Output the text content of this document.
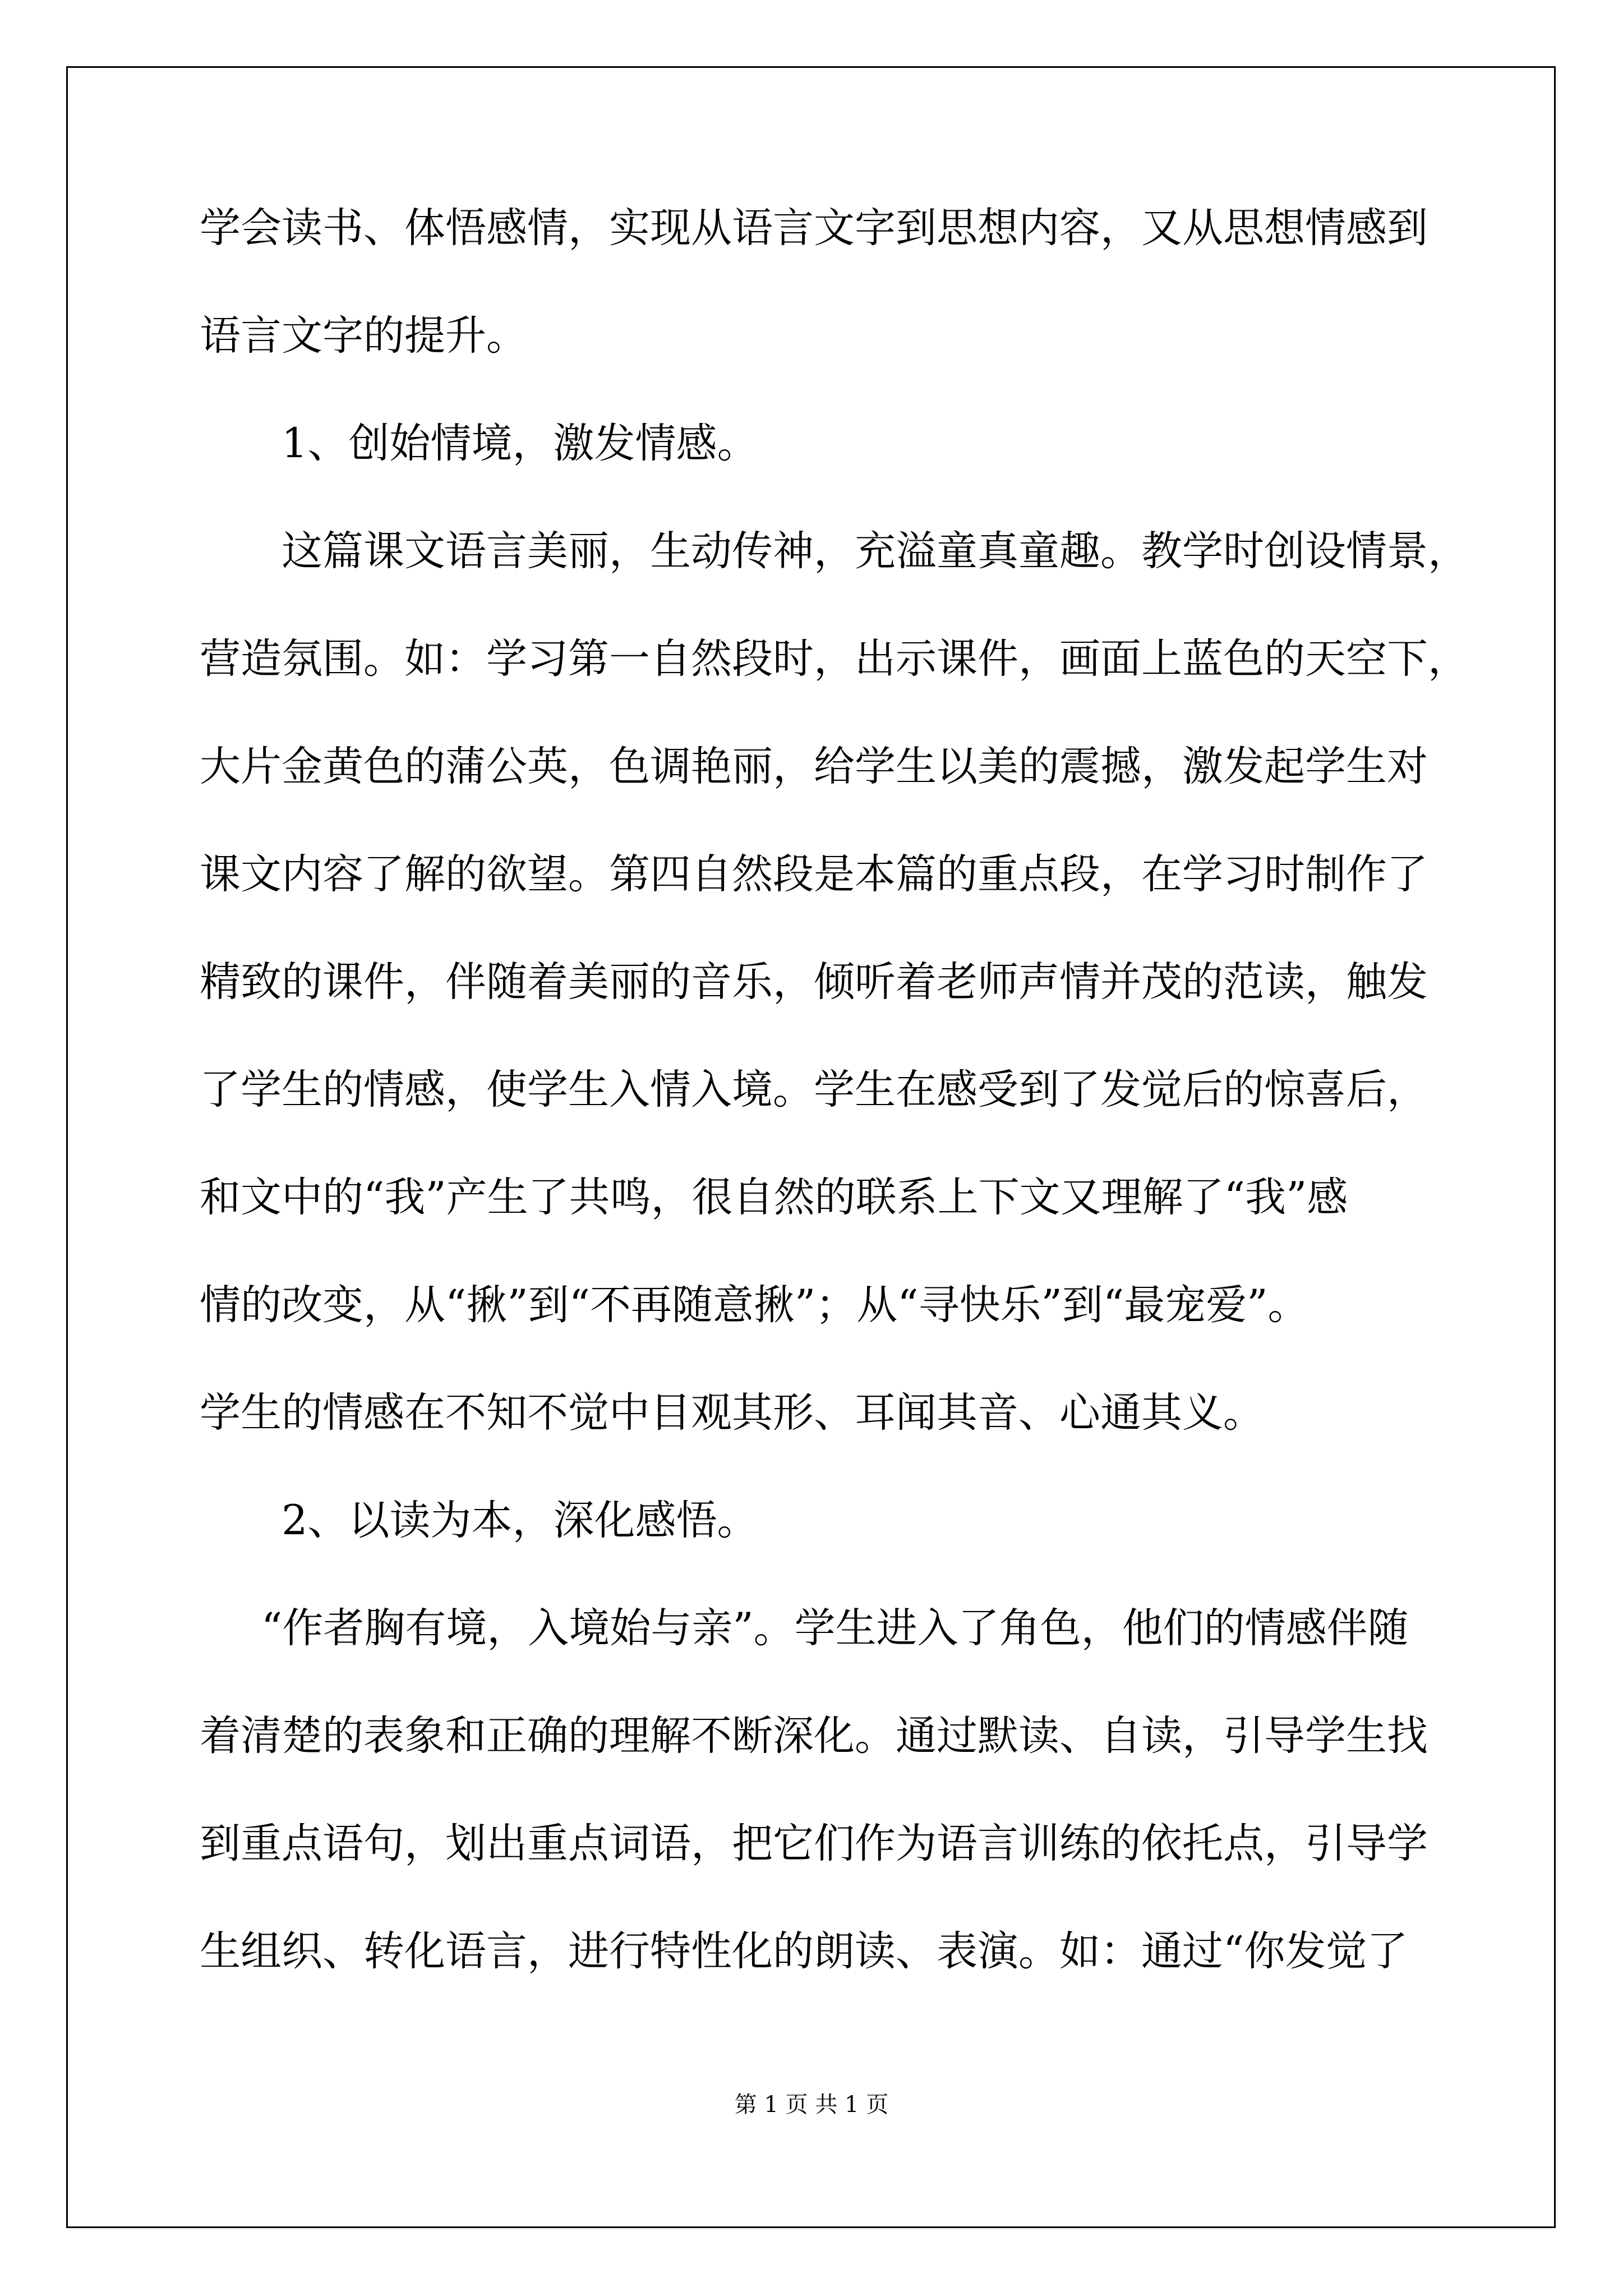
学会读书、体悟感情，实现从语言文字到思想内容，又从思想情感到
语言文字的提升。
1、创始情境，激发情感。
这篇课文语言美丽，生动传神，充溢童真童趣。教学时创设情景，
营造氛围。如：学习第一自然段时，出示课件，画面上蓝色的天空下，
大片金黄色的蒲公英，色调艳丽，给学生以美的震撼，激发起学生对
课文内容了解的欲望。第四自然段是本篇的重点段，在学习时制作了
精致的课件，伴随着美丽的音乐，倾听着老师声情并茂的范读，触发
了学生的情感，使学生入情入境。学生在感受到了发觉后的惊喜后，
和文中的“我”产生了共鸣，很自然的联系上下文又理解了“我”感
情的改变，从“揪”到“不再随意揪”；从“寻快乐”到“最宠爱”。
学生的情感在不知不觉中目观其形、耳闻其音、心通其义。
2、以读为本，深化感悟。
“作者胸有境，入境始与亲”。学生进入了角色，他们的情感伴随
着清楚的表象和正确的理解不断深化。通过默读、自读，引导学生找
到重点语句，划出重点词语，把它们作为语言训练的依托点，引导学
生组织、转化语言，进行特性化的朗读、表演。如：通过“你发觉了
第 1 页 共 1 页
